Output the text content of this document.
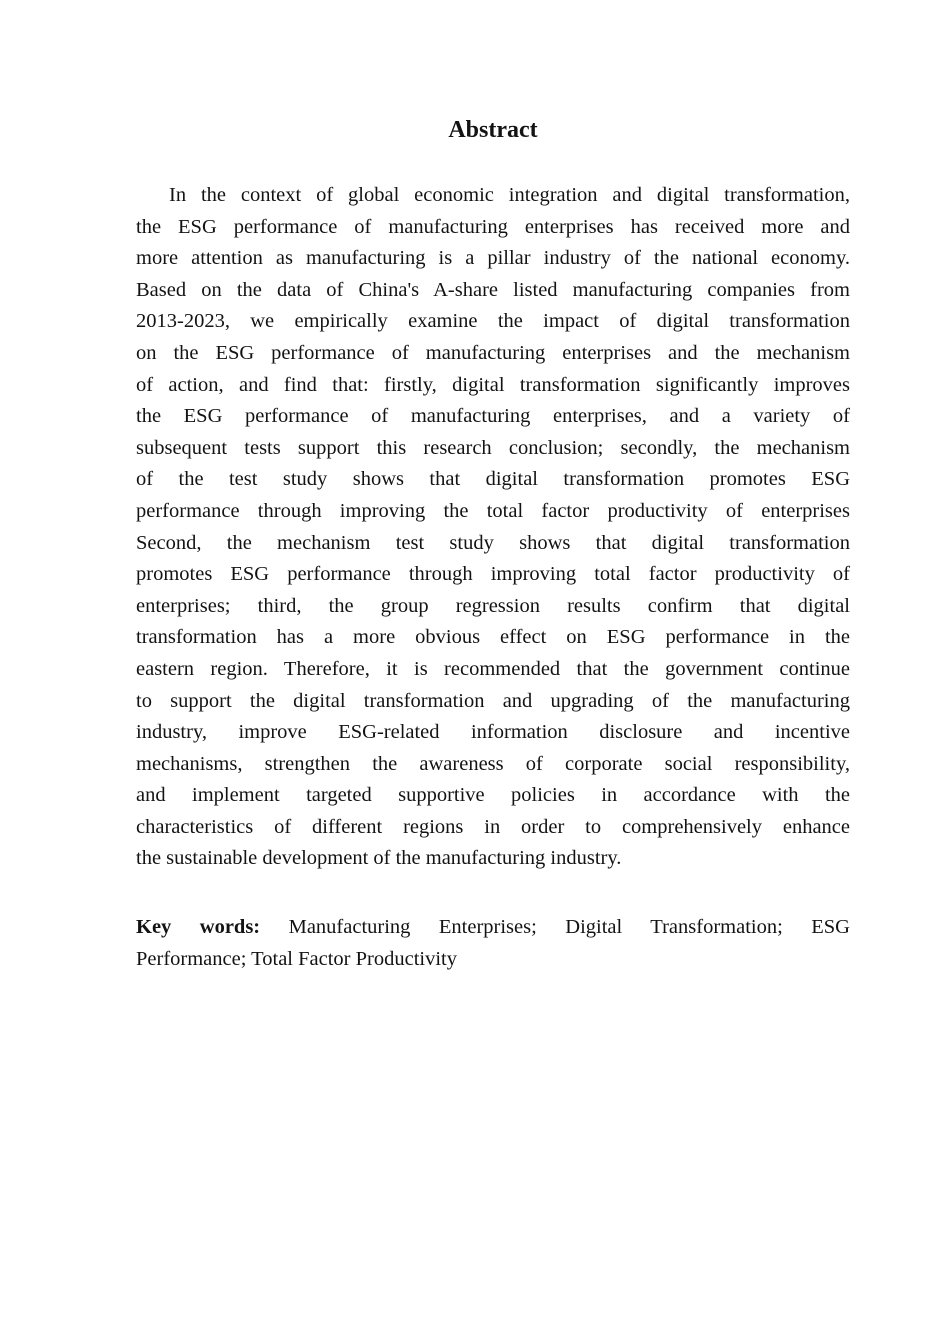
Abstract
In the context of global economic integration and digital transformation,
the ESG performance of manufacturing enterprises has received more and
more attention as manufacturing is a pillar industry of the national economy.
Based on the data of China's A-share listed manufacturing companies from
2013-2023, we empirically examine the impact of digital transformation
on the ESG performance of manufacturing enterprises and the mechanism
of action, and find that: firstly, digital transformation significantly improves
the ESG performance of manufacturing enterprises, and a variety of
subsequent tests support this research conclusion; secondly, the mechanism
of the test study shows that digital transformation promotes ESG
performance through improving the total factor productivity of enterprises
Second, the mechanism test study shows that digital transformation
promotes ESG performance through improving total factor productivity of
enterprises; third, the group regression results confirm that digital
transformation has a more obvious effect on ESG performance in the
eastern region. Therefore, it is recommended that the government continue
to support the digital transformation and upgrading of the manufacturing
industry, improve ESG-related information disclosure and incentive
mechanisms, strengthen the awareness of corporate social responsibility,
and implement targeted supportive policies in accordance with the
characteristics of different regions in order to comprehensively enhance
the sustainable development of the manufacturing industry.
Key words: Manufacturing Enterprises; Digital Transformation; ESG
Performance; Total Factor Productivity
